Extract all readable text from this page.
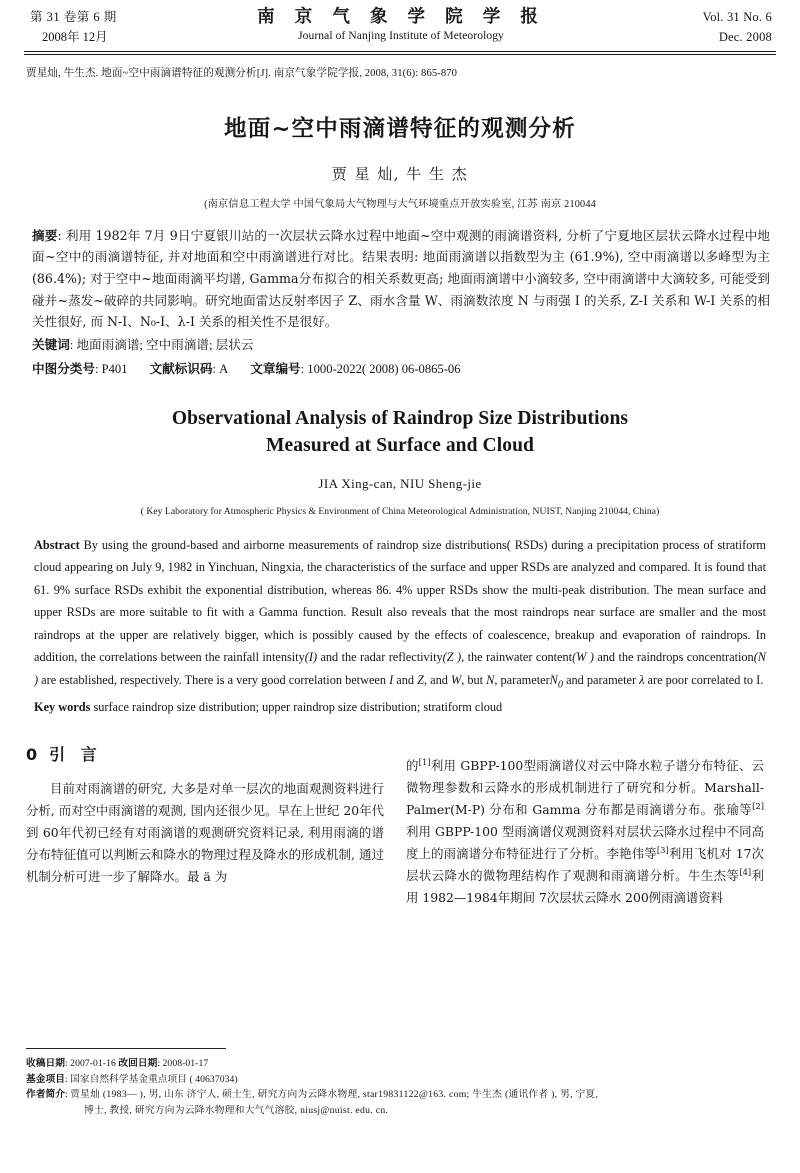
第 31 卷第 6 期
2008年 12月
南 京 气 象 学 院 学 报
Journal of Nanjing Institute of Meteorology
Vol. 31 No. 6
Dec. 2008
贾星灿, 牛生杰. 地面~空中雨滴谱特征的观测分析[J]. 南京气象学院学报, 2008, 31(6): 865-870
地面~空中雨滴谱特征的观测分析
贾 星 灿, 牛 生 杰
(南京信息工程大学 中国气象局大气物理与大气环境重点开放实验室, 江苏 南京 210044
摘要: 利用 1982年 7月 9日宁夏银川站的一次层状云降水过程中地面~空中观测的雨滴谱资料, 分析了宁夏地区层状云降水过程中地面~空中的雨滴谱特征, 并对地面和空中雨滴谱进行对比。结果表明: 地面雨滴谱以指数型为主 (61.9%), 空中雨滴谱以多峰型为主 (86.4%); 对于空中~地面雨滴平均谱, Gamma分布拟合的相关系数更高; 地面雨滴谱中小滴较多, 空中雨滴谱中大滴较多, 可能受到碰并~蒸发~破碎的共同影响。研究地面雷达反射率因子 Z、雨水含量 W、雨滴数浓度 N 与雨强 I 的关系, Z-I 关系和 W-I 关系的相关性很好, 而 N-I、N₀-I、λ-I 关系的相关性不是很好。
关键词: 地面雨滴谱; 空中雨滴谱; 层状云
中图分类号: P401 文献标识码: A 文章编号: 1000-2022( 2008) 06-0865-06
Observational Analysis of Raindrop Size Distributions
Measured at Surface and Cloud
JIA Xing-can, NIU Sheng-jie
( Key Laboratory for Atmospheric Physics & Environment of China Meteorological Administration, NUIST, Nanjing 210044, China)
Abstract By using the ground-based and airborne measurements of raindrop size distributions( RSDs) during a precipitation process of stratiform cloud appearing on July 9, 1982 in Yinchuan, Ningxia, the characteristics of the surface and upper RSDs are analyzed and compared. It is found that 61. 9% surface RSDs exhibit the exponential distribution, whereas 86. 4% upper RSDs show the multi-peak distribution. The mean surface and upper RSDs are more suitable to fit with a Gamma function. Result also reveals that the most raindrops near surface are smaller and the most raindrops at the upper are relatively bigger, which is possibly caused by the effects of coalescence, breakup and evaporation of raindrops. In addition, the correlations between the rainfall intensity(I) and the radar reflectivity(Z ), the rainwater content(W ) and the raindrops concentration(N ) are established, respectively. There is a very good correlation between I and Z, and W, but N, parameterN$_0$ and parameter λ are poor correlated to I.
Key words surface raindrop size distribution; upper raindrop size distribution; stratiform cloud
0 引 言

目前对雨滴谱的研究, 大多是对单一层次的地面观测资料进行分析, 而对空中雨滴谱的观测, 国内还很少见。早在上世纪 20年代到 60年代初已经有对雨滴谱的观测研究资料记录, 利用雨滴的谱分布特征值可以判断云和降水的物理过程及降水的形成机制, 通过机制分析可进一步了解降水。最 ä 为

的[1]利用 GBPP-100型雨滴谱仪对云中降水粒子谱分布特征、云微物理参数和云降水的形成机制进行了研究和分析。Marshall-Palmer(M-P) 分布和 Gamma 分布都是雨滴谱分布。张瑜等[2]利用 GBPP-100 型雨滴谱仪观测资料对层状云降水过程中不同高度上的雨滴谱分布特征进行了分析。李艳伟等[3]利用飞机对 17次层状云降水的微物理结构作了观测和雨滴谱分析。牛生杰等[4]利用 1982—1984年期间 7次层状云降水 200例雨滴谱资料

收稿日期: 2007-01-16 改回日期: 2008-01-17
基金项目: 国家自然科学基金重点项目 ( 40637034)
作者简介: 贾星灿 (1983— ), 男, 山东 济宁人, 硕士生, 研究方向为云降水物理, star19831122@163. com; 牛生杰 (通讯作者 ), 男, 宁夏,
博士, 教授, 研究方向为云降水物理和大气气溶胶, niusj@nuist. edu. cn.
